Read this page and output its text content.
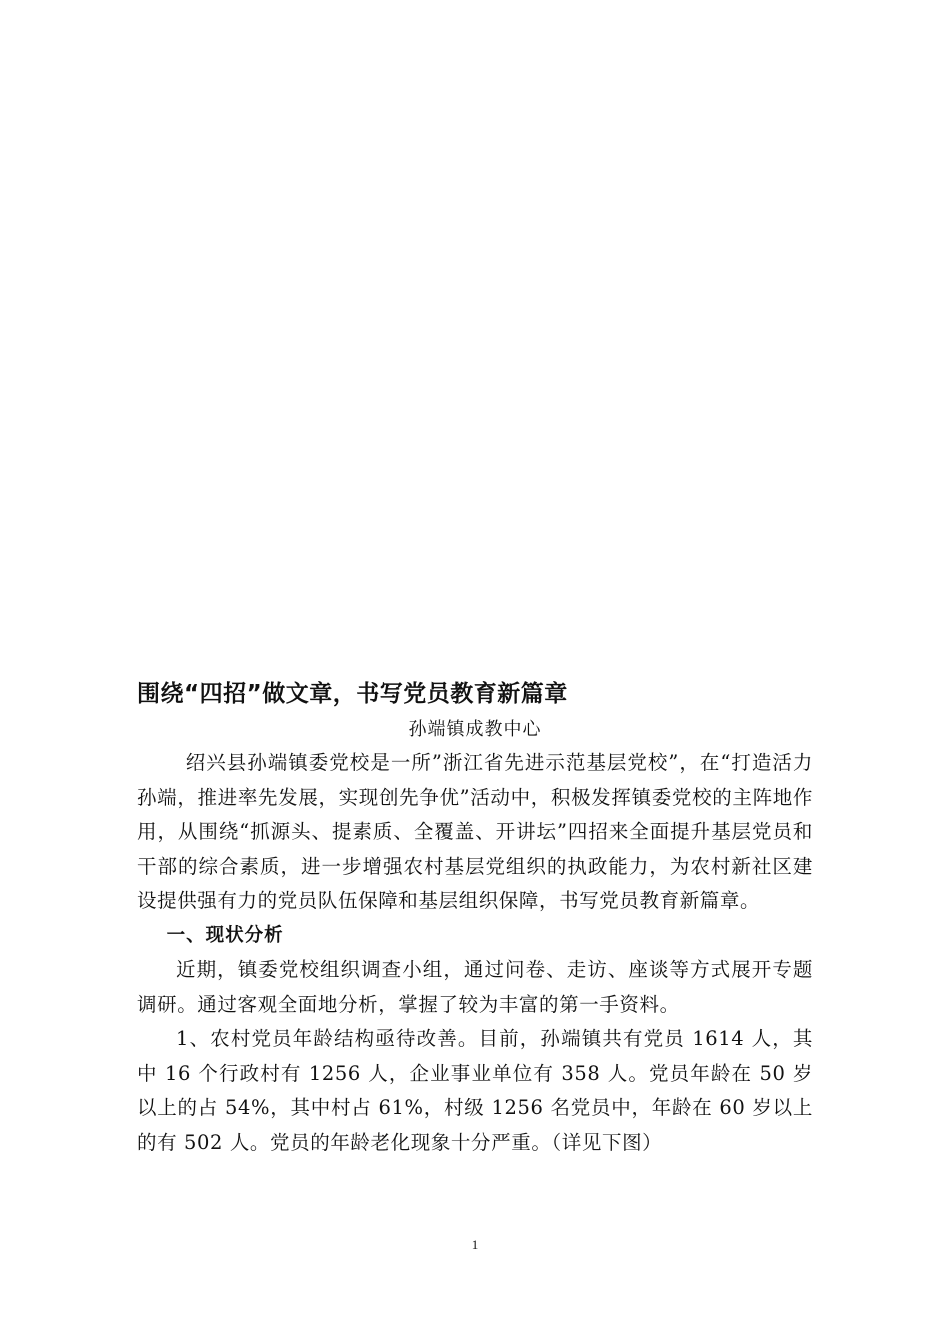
围绕“四招”做文章，书写党员教育新篇章

孙端镇成教中心

绍兴县孙端镇委党校是一所”浙江省先进示范基层党校”，在“打造活力孙端，推进率先发展，实现创先争优”活动中，积极发挥镇委党校的主阵地作用，从围绕“抓源头、提素质、全覆盖、开讲坛”四招来全面提升基层党员和干部的综合素质，进一步增强农村基层党组织的执政能力，为农村新社区建设提供强有力的党员队伍保障和基层组织保障，书写党员教育新篇章。

一、现状分析

近期，镇委党校组织调查小组，通过问卷、走访、座谈等方式展开专题调研。通过客观全面地分析，掌握了较为丰富的第一手资料。

1、农村党员年龄结构亟待改善。目前，孙端镇共有党员 1614 人，其中 16 个行政村有 1256 人，企业事业单位有 358 人。党员年龄在 50 岁以上的占 54%，其中村占 61%，村级 1256 名党员中，年龄在 60 岁以上的有 502 人。党员的年龄老化现象十分严重。（详见下图）

1
